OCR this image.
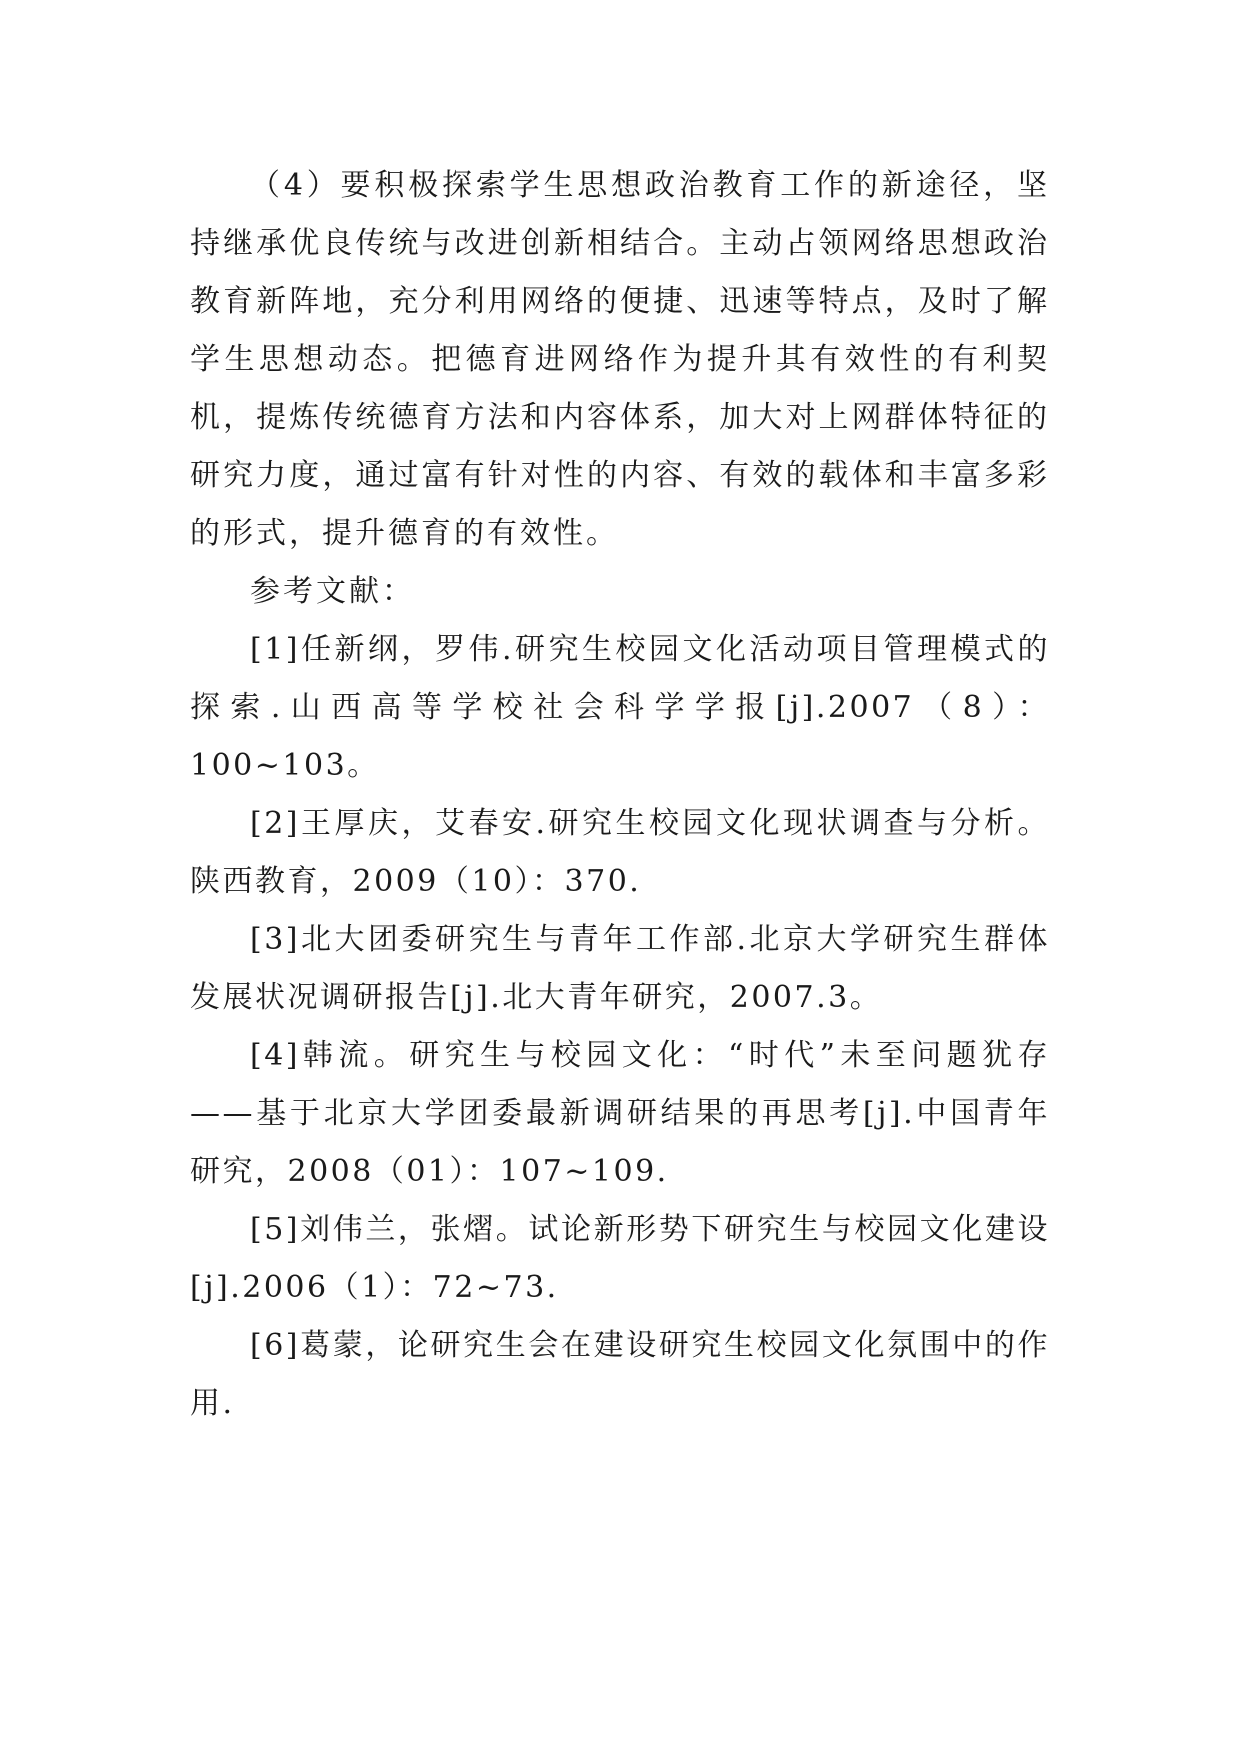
（4）要积极探索学生思想政治教育工作的新途径，坚持继承优良传统与改进创新相结合。主动占领网络思想政治教育新阵地，充分利用网络的便捷、迅速等特点，及时了解学生思想动态。把德育进网络作为提升其有效性的有利契机，提炼传统德育方法和内容体系，加大对上网群体特征的研究力度，通过富有针对性的内容、有效的载体和丰富多彩的形式，提升德育的有效性。

参考文献：

[1]任新纲，罗伟.研究生校园文化活动项目管理模式的探索.山西高等学校社会科学学报[j].2007（8）：100~103。

[2]王厚庆，艾春安.研究生校园文化现状调查与分析。陕西教育，2009（10）：370.

[3]北大团委研究生与青年工作部.北京大学研究生群体发展状况调研报告[j].北大青年研究，2007.3。

[4]韩流。研究生与校园文化：“时代”未至问题犹存——基于北京大学团委最新调研结果的再思考[j].中国青年研究，2008（01）：107~109.

[5]刘伟兰，张熠。试论新形势下研究生与校园文化建设[j].2006（1）：72~73.

[6]葛蒙，论研究生会在建设研究生校园文化氛围中的作用.
